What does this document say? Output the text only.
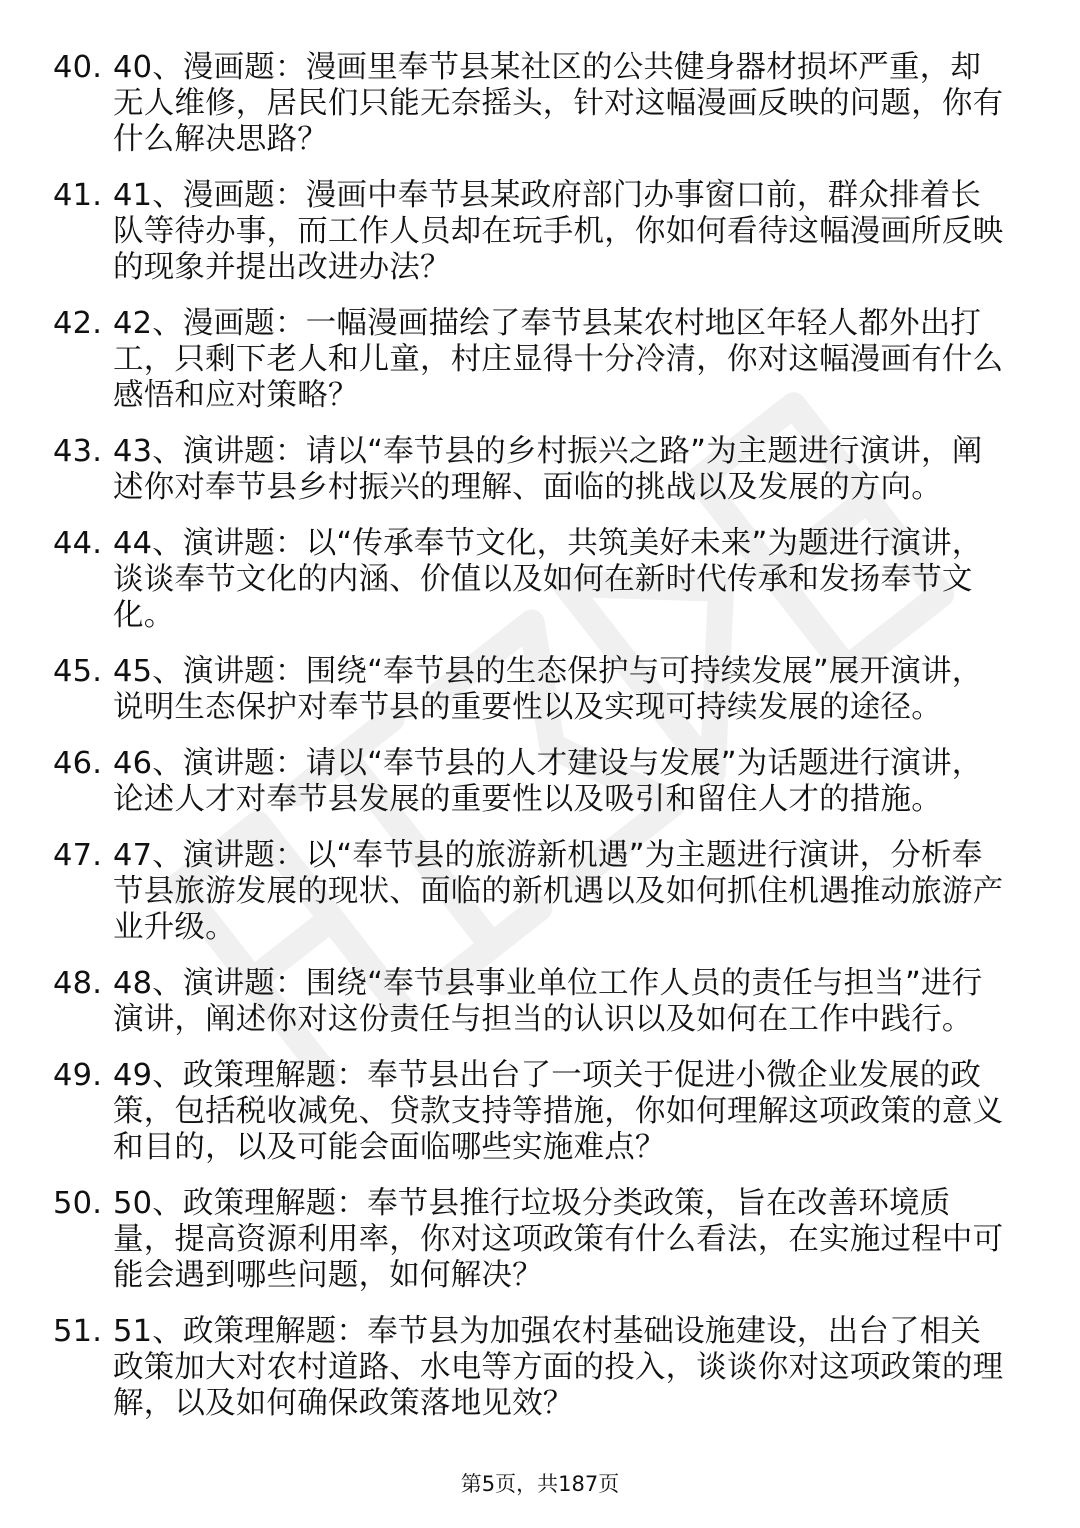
40. 40、漫画题：漫画里奉节县某社区的公共健身器材损坏严重，却无人维修，居民们只能无奈摇头，针对这幅漫画反映的问题，你有什么解决思路？
41. 41、漫画题：漫画中奉节县某政府部门办事窗口前，群众排着长队等待办事，而工作人员却在玩手机，你如何看待这幅漫画所反映的现象并提出改进办法？
42. 42、漫画题：一幅漫画描绘了奉节县某农村地区年轻人都外出打工，只剩下老人和儿童，村庄显得十分冷清，你对这幅漫画有什么感悟和应对策略？
43. 43、演讲题：请以“奉节县的乡村振兴之路”为主题进行演讲，阐述你对奉节县乡村振兴的理解、面临的挑战以及发展的方向。
44. 44、演讲题：以“传承奉节文化，共筑美好未来”为题进行演讲，谈谈奉节文化的内涵、价值以及如何在新时代传承和发扬奉节文化。
45. 45、演讲题：围绕“奉节县的生态保护与可持续发展”展开演讲，说明生态保护对奉节县的重要性以及实现可持续发展的途径。
46. 46、演讲题：请以“奉节县的人才建设与发展”为话题进行演讲，论述人才对奉节县发展的重要性以及吸引和留住人才的措施。
47. 47、演讲题：以“奉节县的旅游新机遇”为主题进行演讲，分析奉节县旅游发展的现状、面临的新机遇以及如何抓住机遇推动旅游产业升级。
48. 48、演讲题：围绕“奉节县事业单位工作人员的责任与担当”进行演讲，阐述你对这份责任与担当的认识以及如何在工作中践行。
49. 49、政策理解题：奉节县出台了一项关于促进小微企业发展的政策，包括税收减免、贷款支持等措施，你如何理解这项政策的意义和目的，以及可能会面临哪些实施难点？
50. 50、政策理解题：奉节县推行垃圾分类政策，旨在改善环境质量，提高资源利用率，你对这项政策有什么看法，在实施过程中可能会遇到哪些问题，如何解决？
51. 51、政策理解题：奉节县为加强农村基础设施建设，出台了相关政策加大对农村道路、水电等方面的投入，谈谈你对这项政策的理解，以及如何确保政策落地见效？
第5页，共187页
